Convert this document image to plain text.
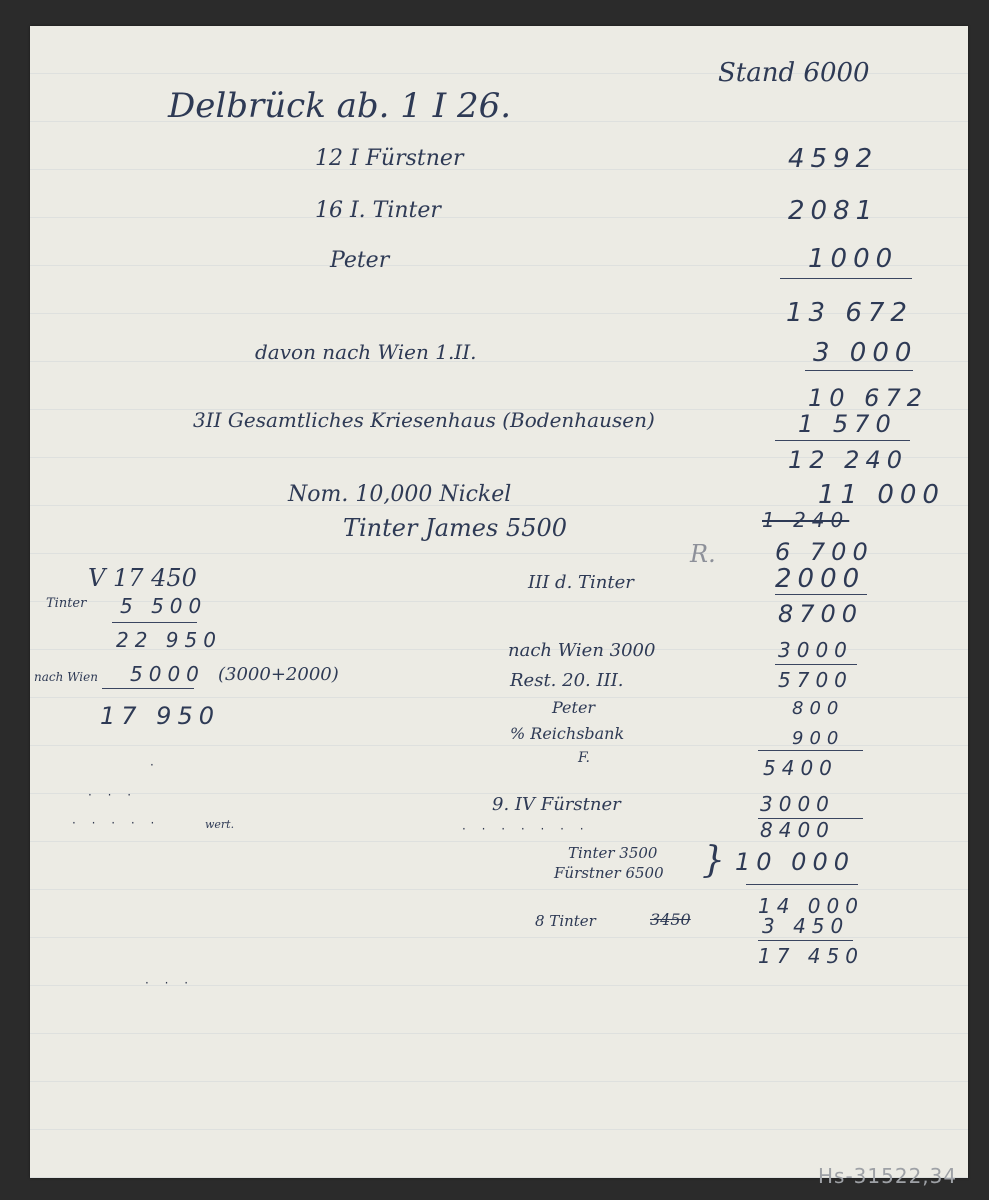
Delbrück ab. 1 I 26.
Stand 6000
12 I Fürstner	4592
16 I. Tinter	2081
Peter	1000
13 672
davon nach Wien 1.II.	3 000
10 672
3II Gesamtliches Kriesenhaus (Bodenhausen)	1 570
12 240
Nom. 10,000 Nickel	11 000
Tinter James 5500	1 240
R. 6 700
III d. Tinter	2000
8700
nach Wien 3000	3000
Rest. 20. III.	5700
Peter	800
% Reichsbank	900
F.	5400
9. IV Fürstner	3000
8400
· · · · · · ·
Tinter 3500
Fürstner 6500 } 10 000
14 000
8 Tinter	3450	3 450
17 450
V 17 450
Tinter 5 500
22 950
nach Wien 5000 (3000+2000)
17 950
·
· · ·
· · · · ·	wert.
· · ·
Hs-31522,34
